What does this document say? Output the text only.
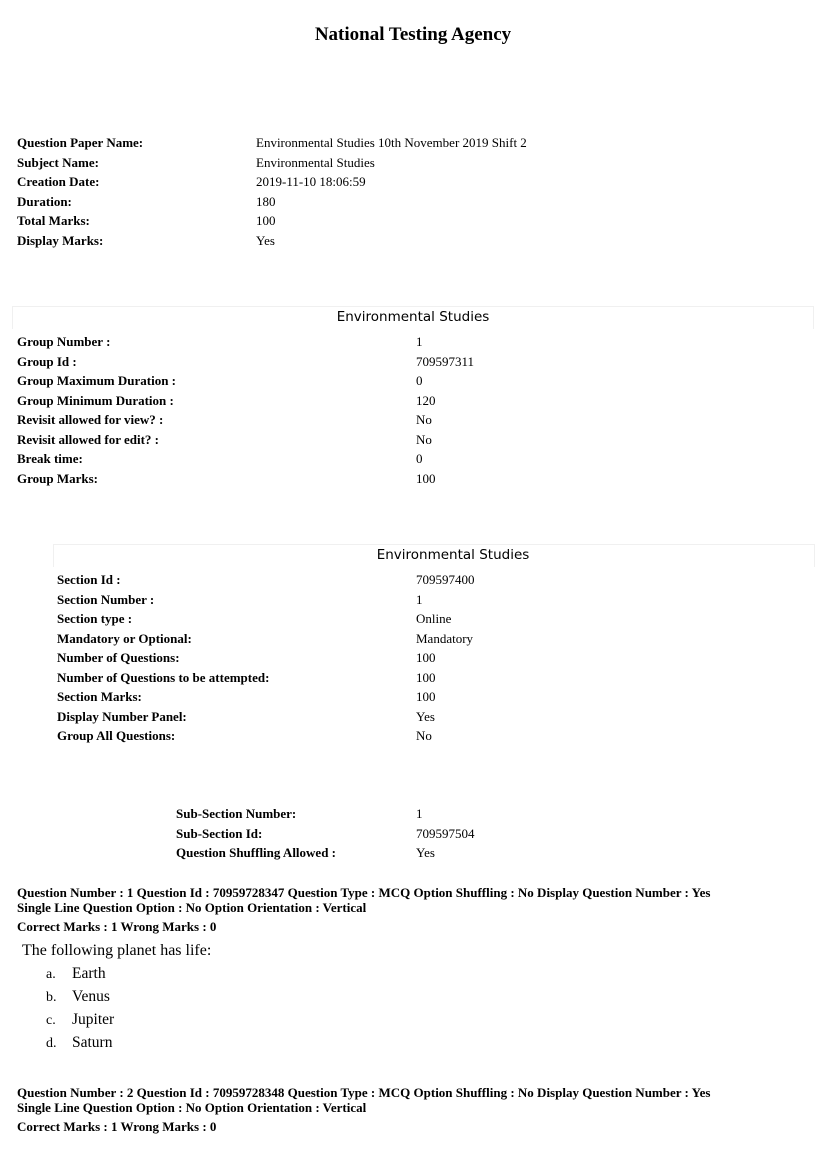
National Testing Agency
Question Paper Name:	Environmental Studies 10th November 2019 Shift 2
Subject Name:	Environmental Studies
Creation Date:	2019-11-10 18:06:59
Duration:	180
Total Marks:	100
Display Marks:	Yes
Environmental Studies
Group Number :	1
Group Id :	709597311
Group Maximum Duration :	0
Group Minimum Duration :	120
Revisit allowed for view? :	No
Revisit allowed for edit? :	No
Break time:	0
Group Marks:	100
Environmental Studies
Section Id :	709597400
Section Number :	1
Section type :	Online
Mandatory or Optional:	Mandatory
Number of Questions:	100
Number of Questions to be attempted:	100
Section Marks:	100
Display Number Panel:	Yes
Group All Questions:	No
Sub-Section Number:	1
Sub-Section Id:	709597504
Question Shuffling Allowed :	Yes
Question Number : 1 Question Id : 70959728347 Question Type : MCQ Option Shuffling : No Display Question Number : Yes
Single Line Question Option : No Option Orientation : Vertical
Correct Marks : 1 Wrong Marks : 0
The following planet has life:
a. Earth
b. Venus
c. Jupiter
d. Saturn
Question Number : 2 Question Id : 70959728348 Question Type : MCQ Option Shuffling : No Display Question Number : Yes
Single Line Question Option : No Option Orientation : Vertical
Correct Marks : 1 Wrong Marks : 0
